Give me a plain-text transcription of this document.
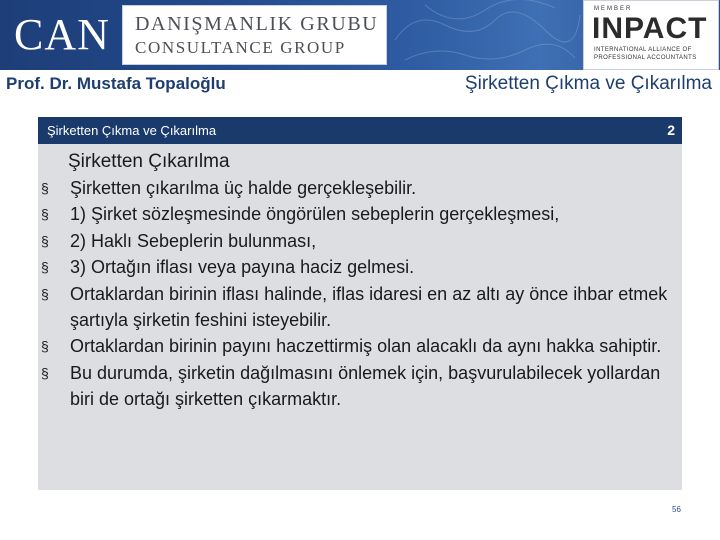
CAN DANIŞMANLIK GRUBU
CONSULTANCE GROUP
MEMBER
INPACT
INTERNATIONAL ALLIANCE OF
PROFESSIONAL ACCOUNTANTS
Prof. Dr. Mustafa Topaloğlu	Şirketten Çıkma ve Çıkarılma
Şirketten Çıkma ve Çıkarılma	2
Şirketten Çıkarılma
§ Şirketten çıkarılma üç halde gerçekleşebilir.
§ 1) Şirket sözleşmesinde öngörülen sebeplerin gerçekleşmesi,
§ 2) Haklı Sebeplerin bulunması,
§ 3) Ortağın iflası veya payına haciz gelmesi.
§ Ortaklardan birinin iflası halinde, iflas idaresi en az altı ay önce ihbar etmek şartıyla şirketin feshini isteyebilir.
§ Ortaklardan birinin payını haczettirmiş olan alacaklı da aynı hakka sahiptir.
§ Bu durumda, şirketin dağılmasını önlemek için, başvurulabilecek yollardan biri de ortağı şirketten çıkarmaktır.
56
